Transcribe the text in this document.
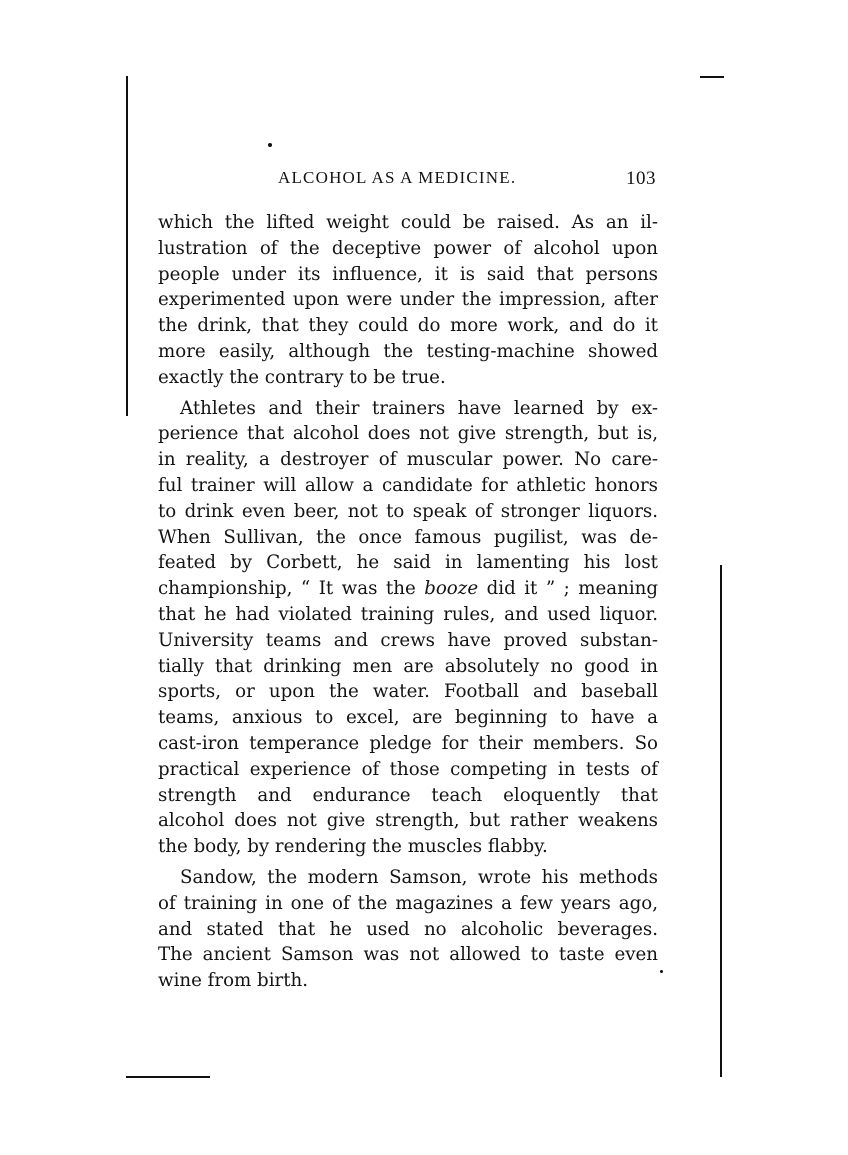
ALCOHOL AS A MEDICINE.	103

which the lifted weight could be raised. As an il-
lustration of the deceptive power of alcohol upon
people under its influence, it is said that persons
experimented upon were under the impression, after
the drink, that they could do more work, and do it
more easily, although the testing-machine showed
exactly the contrary to be true.

Athletes and their trainers have learned by ex-
perience that alcohol does not give strength, but is,
in reality, a destroyer of muscular power. No care-
ful trainer will allow a candidate for athletic honors
to drink even beer, not to speak of stronger liquors.
When Sullivan, the once famous pugilist, was de-
feated by Corbett, he said in lamenting his lost
championship, “ It was the booze did it ” ; meaning
that he had violated training rules, and used liquor.
University teams and crews have proved substan-
tially that drinking men are absolutely no good in
sports, or upon the water. Football and baseball
teams, anxious to excel, are beginning to have a
cast-iron temperance pledge for their members. So
practical experience of those competing in tests of
strength and endurance teach eloquently that
alcohol does not give strength, but rather weakens
the body, by rendering the muscles flabby.

Sandow, the modern Samson, wrote his methods
of training in one of the magazines a few years ago,
and stated that he used no alcoholic beverages.
The ancient Samson was not allowed to taste even
wine from birth.
